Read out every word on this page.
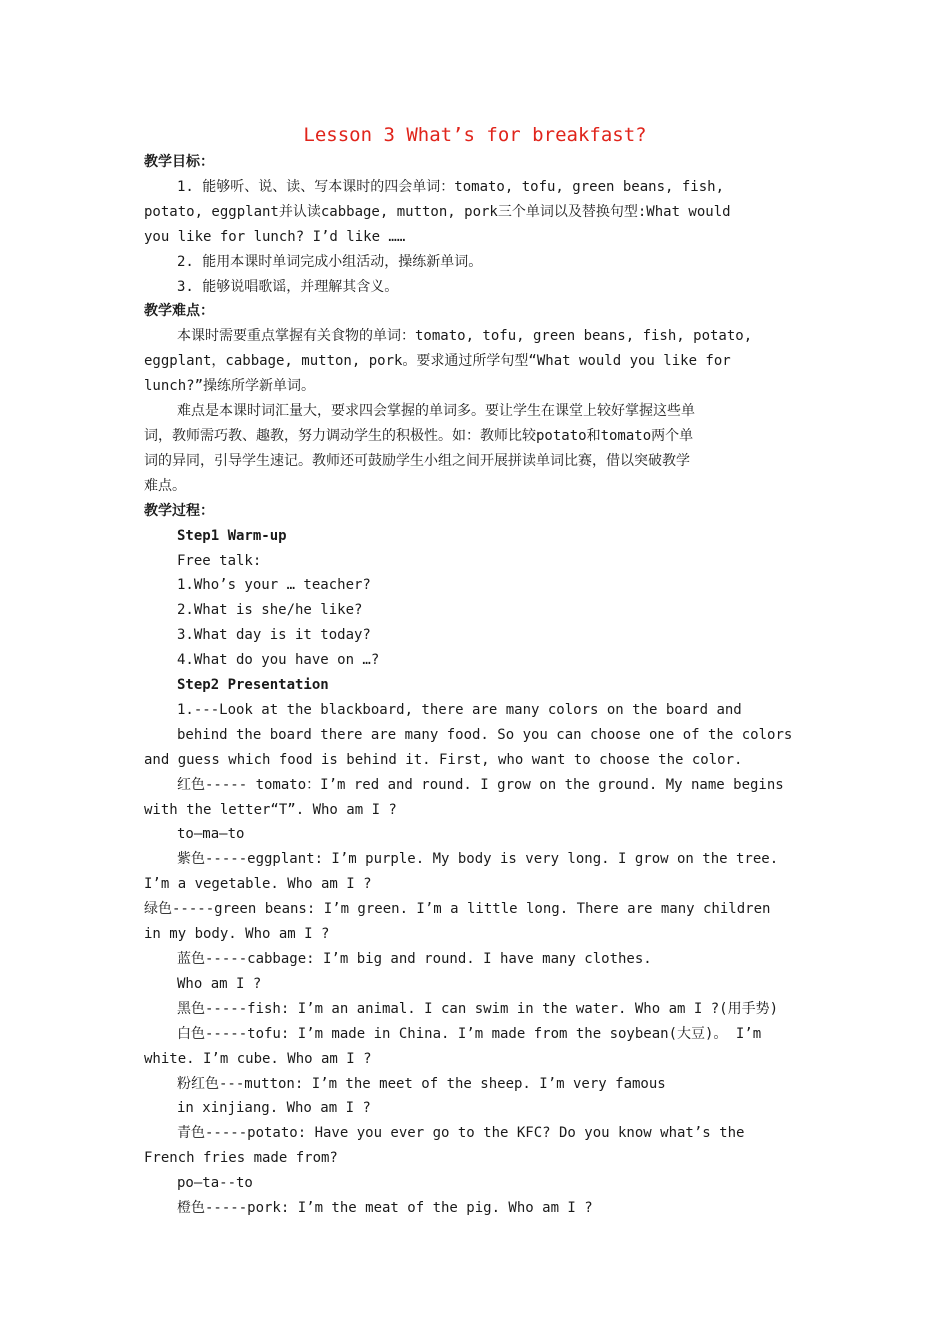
Lesson 3 What’s for breakfast?

教学目标：

1. 能够听、说、读、写本课时的四会单词：tomato, tofu, green beans, fish,

potato, eggplant并认读cabbage, mutton, pork三个单词以及替换句型:What would

you like for lunch? I’d like ……

2. 能用本课时单词完成小组活动，操练新单词。

3. 能够说唱歌谣，并理解其含义。

教学难点：

本课时需要重点掌握有关食物的单词：tomato, tofu, green beans, fish, potato,

eggplant，cabbage, mutton, pork。要求通过所学句型“What would you like for

lunch?”操练所学新单词。

难点是本课时词汇量大，要求四会掌握的单词多。要让学生在课堂上较好掌握这些单

词，教师需巧教、趣教，努力调动学生的积极性。如：教师比较potato和tomato两个单

词的异同，引导学生速记。教师还可鼓励学生小组之间开展拼读单词比赛，借以突破教学

难点。

教学过程：

Step1 Warm-up

Free talk:

1.Who’s your … teacher?

2.What is she/he like?

3.What day is it today?

4.What do you have on …?

Step2 Presentation

1.---Look at the blackboard, there are many colors on the board and

behind the board there are many food. So you can choose one of the colors

and guess which food is behind it. First, who want to choose the color.

红色----- tomato：I’m red and round. I grow on the ground. My name begins

with the letter“T”. Who am I ?

to—ma—to

紫色-----eggplant: I’m purple. My body is very long. I grow on the tree.

I’m a vegetable. Who am I ?

绿色-----green beans: I’m green. I’m a little long. There are many children

in my body. Who am I ?

蓝色-----cabbage: I’m big and round. I have many clothes.

Who am I ?

黑色-----fish: I’m an animal. I can swim in the water. Who am I ?(用手势)

白色-----tofu: I’m made in China. I’m made from the soybean(大豆)。 I’m

white. I’m cube. Who am I ?

粉红色---mutton: I’m the meet of the sheep. I’m very famous

in xinjiang. Who am I ?

青色-----potato: Have you ever go to the KFC? Do you know what’s the

French fries made from?

po—ta--to

橙色-----pork: I’m the meat of the pig. Who am I ?
